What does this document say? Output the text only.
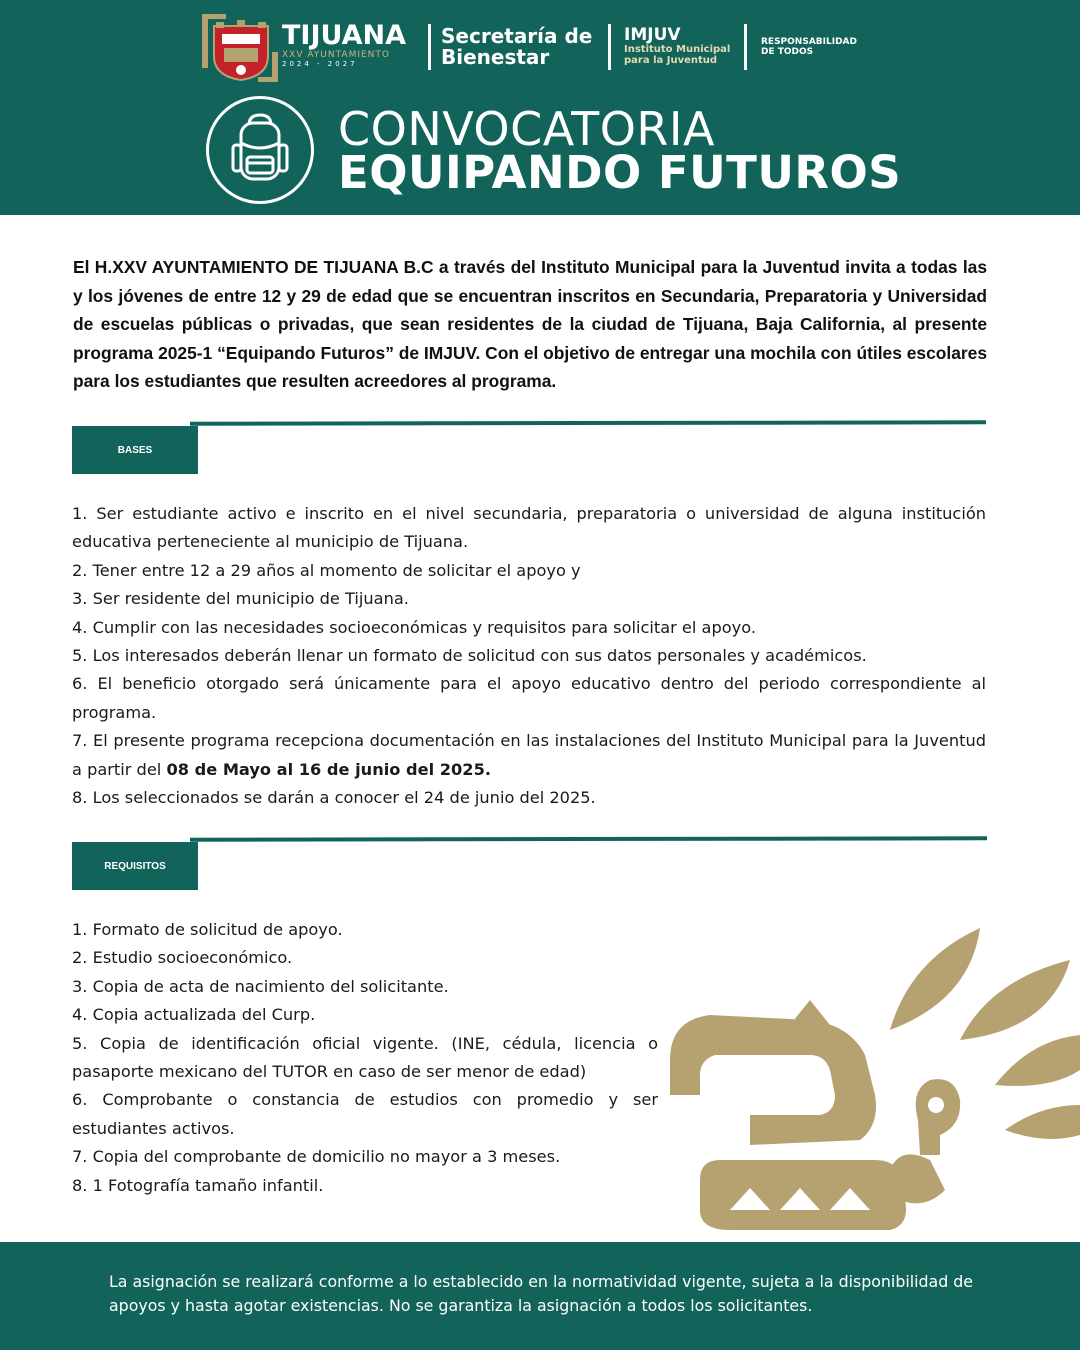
TIJUANA
XXV AYUNTAMIENTO
2024 - 2027
Secretaría de
Bienestar
IMJUV
Instituto Municipal
para la Juventud
RESPONSABILIDAD
DE TODOS
CONVOCATORIA
EQUIPANDO FUTUROS
El H.XXV AYUNTAMIENTO DE TIJUANA B.C a través del Instituto Municipal para la Juventud invita a todas las y los jóvenes de entre 12 y 29 de edad que se encuentran inscritos en Secundaria, Preparatoria y Universidad de escuelas públicas o privadas, que sean residentes de la ciudad de Tijuana, Baja California, al presente programa 2025-1 “Equipando Futuros” de IMJUV. Con el objetivo de entregar una mochila con útiles escolares para los estudiantes que resulten acreedores al programa.
BASES
1. Ser estudiante activo e inscrito en el nivel secundaria, preparatoria o universidad de alguna institución educativa perteneciente al municipio de Tijuana.
2. Tener entre 12 a 29 años al momento de solicitar el apoyo y
3. Ser residente del municipio de Tijuana.
4. Cumplir con las necesidades socioeconómicas y requisitos para solicitar el apoyo.
5. Los interesados deberán llenar un formato de solicitud con sus datos personales y académicos.
6. El beneficio otorgado será únicamente para el apoyo educativo dentro del periodo correspondiente al programa.
7. El presente programa recepciona documentación en las instalaciones del Instituto Municipal para la Juventud a partir del 08 de Mayo al 16 de junio del 2025.
8. Los seleccionados se darán a conocer el 24 de junio del 2025.
REQUISITOS
1. Formato de solicitud de apoyo.
2. Estudio socioeconómico.
3. Copia de acta de nacimiento del solicitante.
4. Copia actualizada del Curp.
5. Copia de identificación oficial vigente. (INE, cédula, licencia o pasaporte mexicano del TUTOR en caso de ser menor de edad)
6. Comprobante o constancia de estudios con promedio y ser estudiantes activos.
7. Copia del comprobante de domicilio no mayor a 3 meses.
8. 1 Fotografía tamaño infantil.

La asignación se realizará conforme a lo establecido en la normatividad vigente, sujeta a la disponibilidad de apoyos y hasta agotar existencias. No se garantiza la asignación a todos los solicitantes.
